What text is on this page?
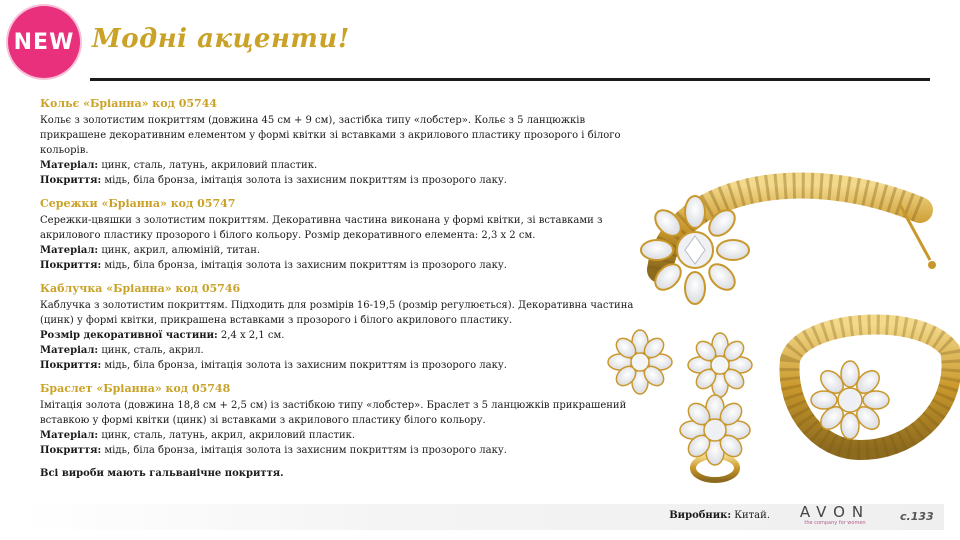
NEW Модні акценти!

Кольє «Бріанна» код 05744

Кольє з золотистим покриттям (довжина 45 см + 9 см), застібка типу «лобстер». Кольє з 5 ланцюжків прикрашене декоративним елементом у формі квітки зі вставками з акрилового пластику прозорого і білого кольорів.

Матеріал: цинк, сталь, латунь, акриловий пластик.

Покриття: мідь, біла бронза, імітація золота із захисним покриттям із прозорого лаку.

Сережки «Бріанна» код 05747

Сережки-цвяшки з золотистим покриттям. Декоративна частина виконана у формі квітки, зі вставками з акрилового пластику прозорого і білого кольору. Розмір декоративного елемента: 2,3 х 2 см.

Матеріал: цинк, акрил, алюміній, титан.

Покриття: мідь, біла бронза, імітація золота із захисним покриттям із прозорого лаку.

Каблучка «Бріанна» код 05746

Каблучка з золотистим покриттям. Підходить для розмірів 16-19,5 (розмір регулюється). Декоративна частина (цинк) у формі квітки, прикрашена вставками з прозорого і білого акрилового пластику.

Розмір декоративної частини: 2,4 х 2,1 см.

Матеріал: цинк, сталь, акрил.

Покриття: мідь, біла бронза, імітація золота із захисним покриттям із прозорого лаку.

Браслет «Бріанна» код 05748

Імітація золота (довжина 18,8 см + 2,5 см) із застібкою типу «лобстер». Браслет з 5 ланцюжків прикрашений вставкою у формі квітки (цинк) зі вставками з акрилового пластику білого кольору.

Матеріал: цинк, сталь, латунь, акрил, акриловий пластик.

Покриття: мідь, біла бронза, імітація золота із захисним покриттям із прозорого лаку.

Всі вироби мають гальванічне покриття.
Виробник: Китай.	AVON
the company for women	с.133
